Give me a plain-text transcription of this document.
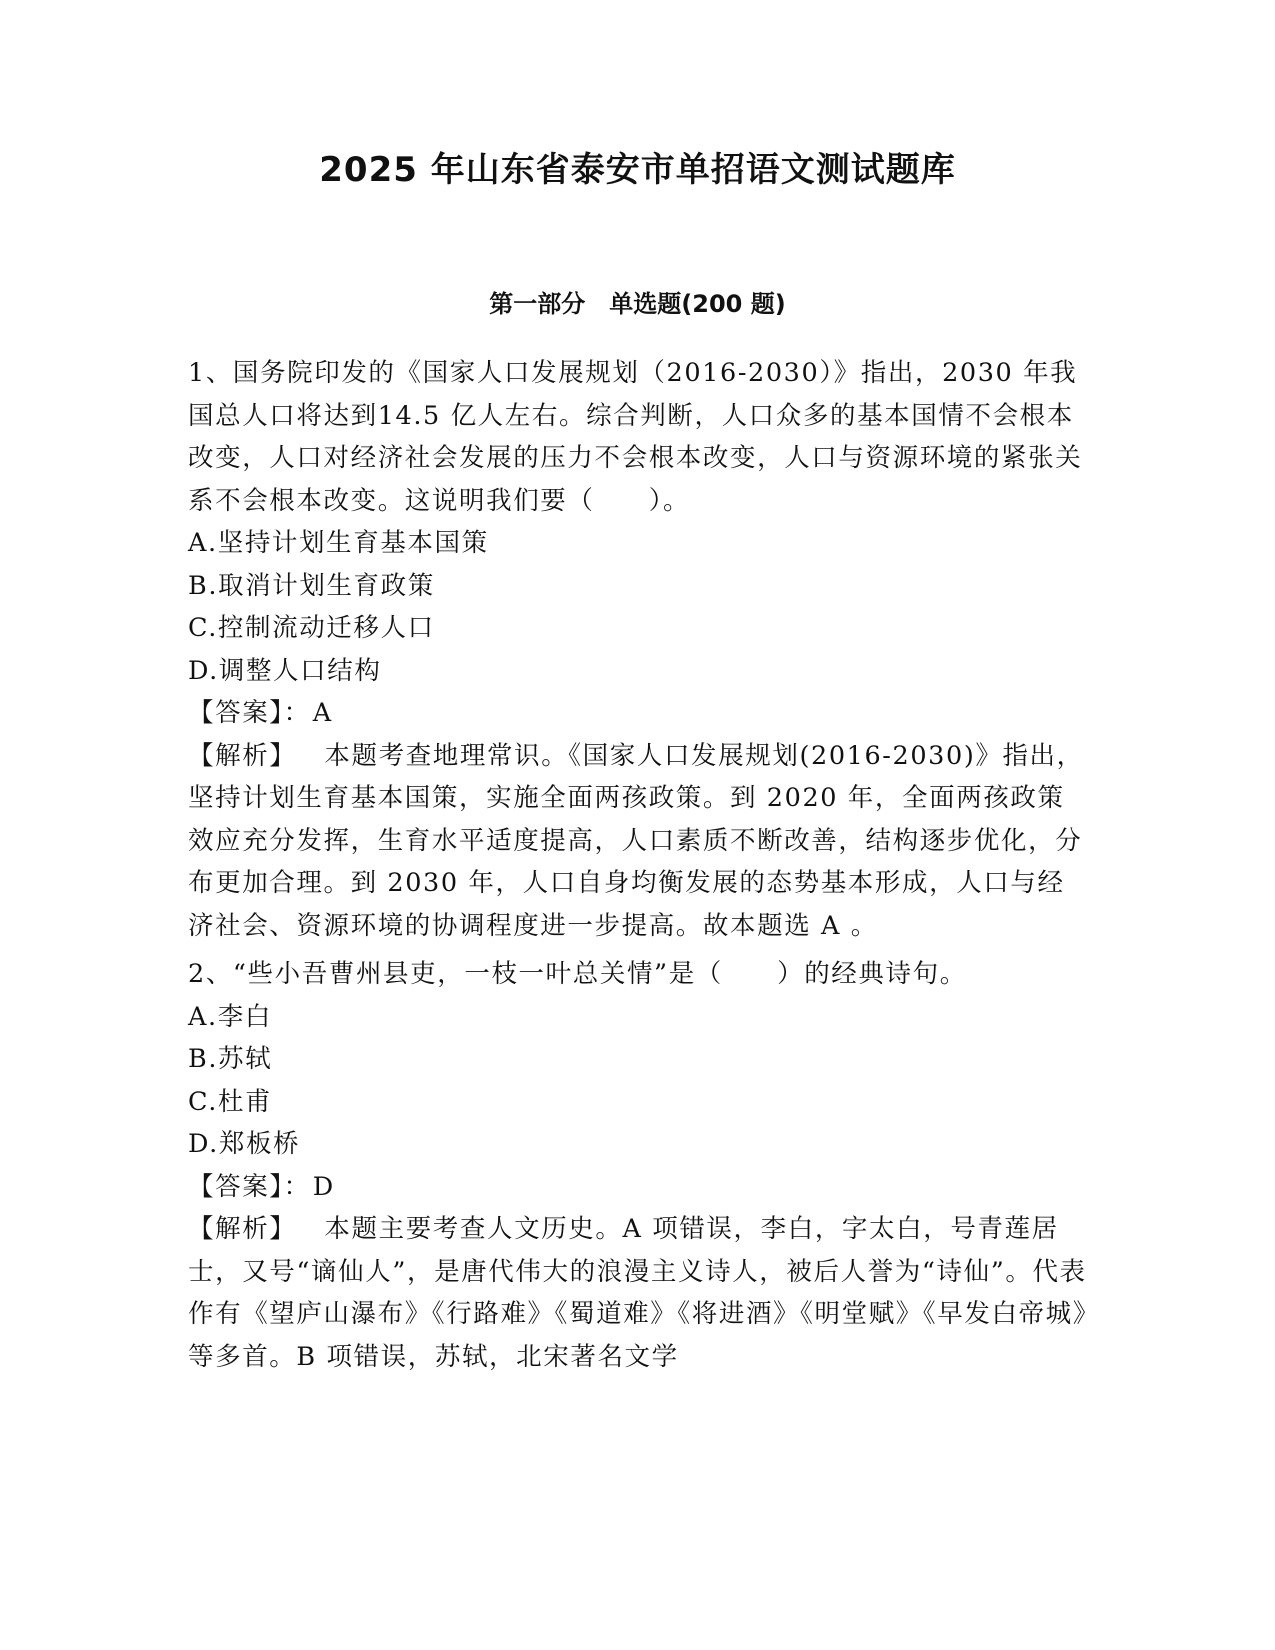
2025 年山东省泰安市单招语文测试题库
第一部分　单选题(200 题)

1、国务院印发的《国家人口发展规划（2016-2030）》指出，2030 年我国总人口将达到14.5 亿人左右。综合判断，人口众多的基本国情不会根本改变，人口对经济社会发展的压力不会根本改变，人口与资源环境的紧张关系不会根本改变。这说明我们要（　　）。

A.坚持计划生育基本国策

B.取消计划生育政策

C.控制流动迁移人口

D.调整人口结构

【答案】：A

【解析】 本题考查地理常识。《国家人口发展规划(2016-2030)》指出，坚持计划生育基本国策，实施全面两孩政策。到 2020 年，全面两孩政策效应充分发挥，生育水平适度提高，人口素质不断改善，结构逐步优化，分布更加合理。到 2030 年，人口自身均衡发展的态势基本形成，人口与经济社会、资源环境的协调程度进一步提高。故本题选 A 。

2、“些小吾曹州县吏，一枝一叶总关情”是（　　）的经典诗句。

A.李白

B.苏轼

C.杜甫

D.郑板桥

【答案】：D

【解析】 本题主要考查人文历史。A 项错误，李白，字太白，号青莲居士，又号“谪仙人”，是唐代伟大的浪漫主义诗人，被后人誉为“诗仙”。代表作有《望庐山瀑布》《行路难》《蜀道难》《将进酒》《明堂赋》《早发白帝城》等多首。B 项错误，苏轼，北宋著名文学
